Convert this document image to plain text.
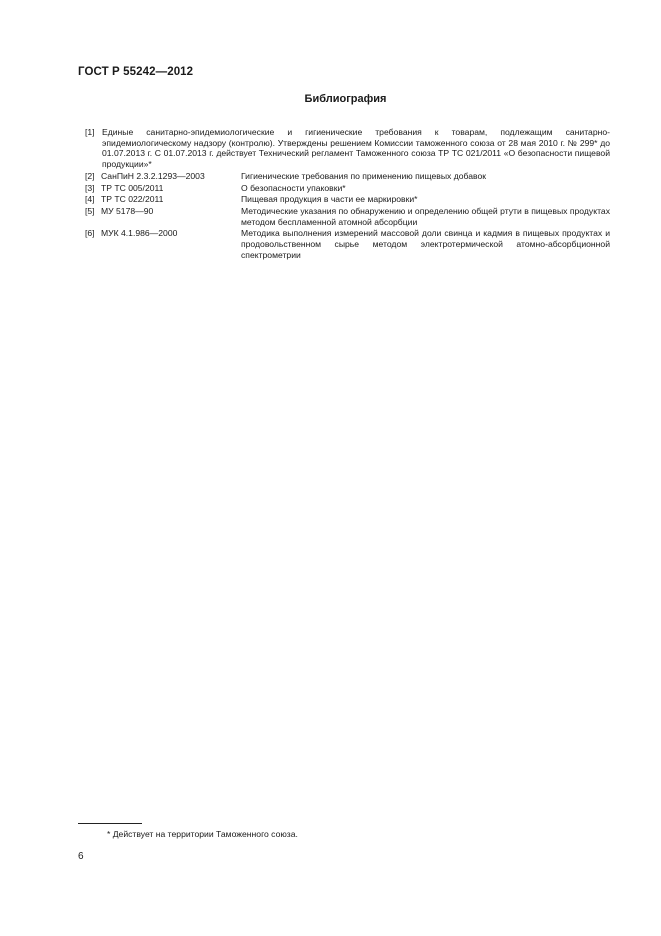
ГОСТ Р 55242—2012
Библиография
[1] Единые санитарно-эпидемиологические и гигиенические требования к товарам, подлежащим санитарно-эпидемиологическому надзору (контролю). Утверждены решением Комиссии таможенного союза от 28 мая 2010 г. № 299* до 01.07.2013 г. С 01.07.2013 г. действует Технический регламент Таможенного союза ТР ТС 021/2011 «О безопасности пищевой продукции»*
[2] СанПиН 2.3.2.1293—2003	Гигиенические требования по применению пищевых добавок
[3] ТР ТС 005/2011	О безопасности упаковки*
[4] ТР ТС 022/2011	Пищевая продукция в части ее маркировки*
[5] МУ 5178—90	Методические указания по обнаружению и определению общей ртути в пищевых продуктах методом беспламенной атомной абсорбции
[6] МУК 4.1.986—2000	Методика выполнения измерений массовой доли свинца и кадмия в пищевых продуктах и продовольственном сырье методом электротермической атомно-абсорбционной спектрометрии
* Действует на территории Таможенного союза.
6
